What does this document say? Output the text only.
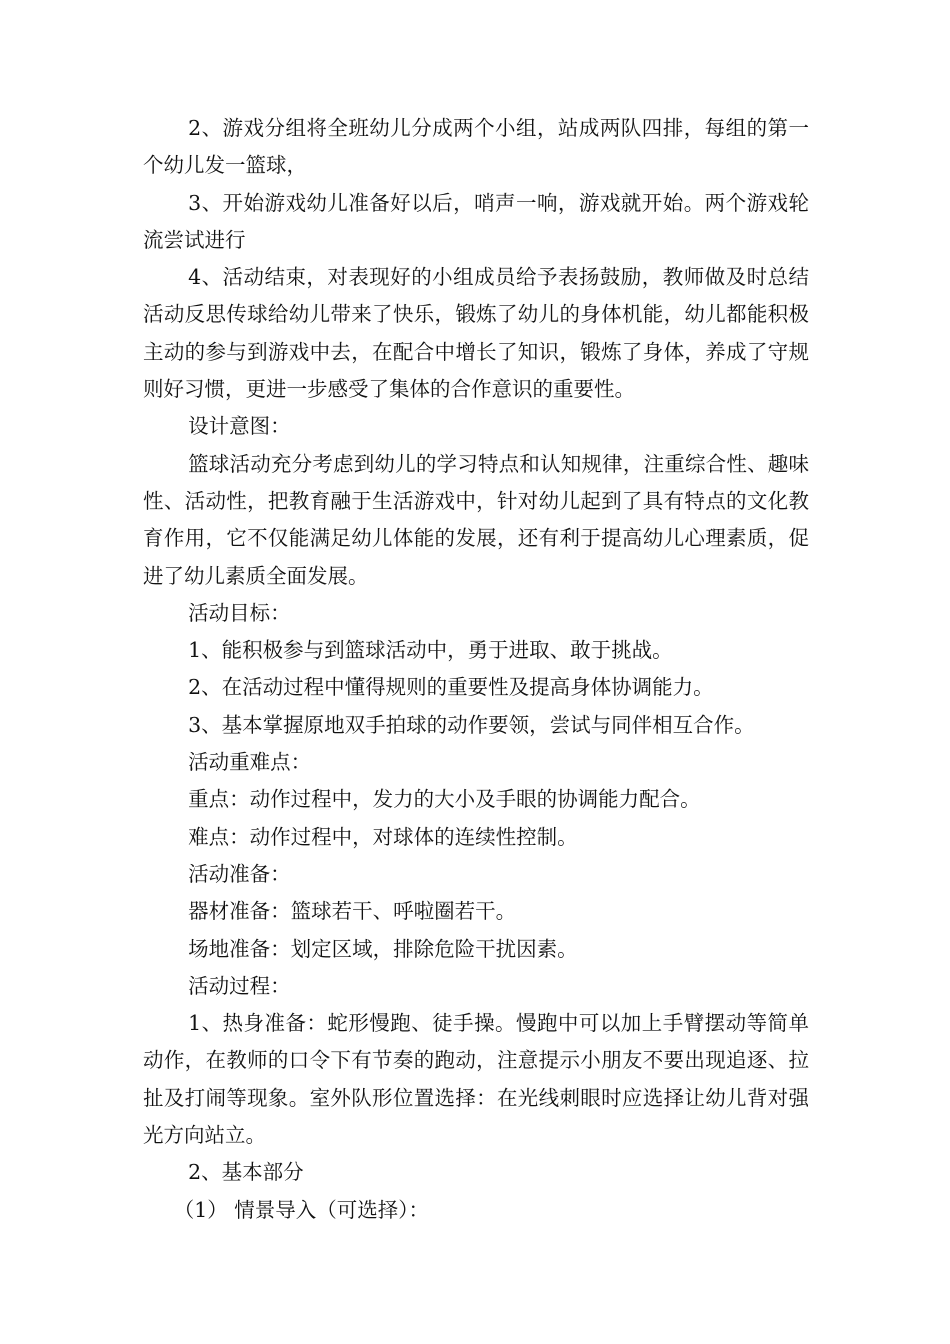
2、游戏分组将全班幼儿分成两个小组，站成两队四排，每组的第一个幼儿发一篮球，

3、开始游戏幼儿准备好以后，哨声一响，游戏就开始。两个游戏轮流尝试进行

4、活动结束，对表现好的小组成员给予表扬鼓励，教师做及时总结活动反思传球给幼儿带来了快乐，锻炼了幼儿的身体机能，幼儿都能积极主动的参与到游戏中去，在配合中增长了知识，锻炼了身体，养成了守规则好习惯，更进一步感受了集体的合作意识的重要性。

设计意图：

篮球活动充分考虑到幼儿的学习特点和认知规律，注重综合性、趣味性、活动性，把教育融于生活游戏中，针对幼儿起到了具有特点的文化教育作用，它不仅能满足幼儿体能的发展，还有利于提高幼儿心理素质，促进了幼儿素质全面发展。

活动目标：

1、能积极参与到篮球活动中，勇于进取、敢于挑战。

2、在活动过程中懂得规则的重要性及提高身体协调能力。

3、基本掌握原地双手拍球的动作要领，尝试与同伴相互合作。

活动重难点：

重点：动作过程中，发力的大小及手眼的协调能力配合。

难点：动作过程中，对球体的连续性控制。

活动准备：

器材准备：篮球若干、呼啦圈若干。

场地准备：划定区域，排除危险干扰因素。

活动过程：

1、热身准备：蛇形慢跑、徒手操。慢跑中可以加上手臂摆动等简单动作，在教师的口令下有节奏的跑动，注意提示小朋友不要出现追逐、拉扯及打闹等现象。室外队形位置选择：在光线刺眼时应选择让幼儿背对强光方向站立。

2、基本部分

（1） 情景导入（可选择）：
